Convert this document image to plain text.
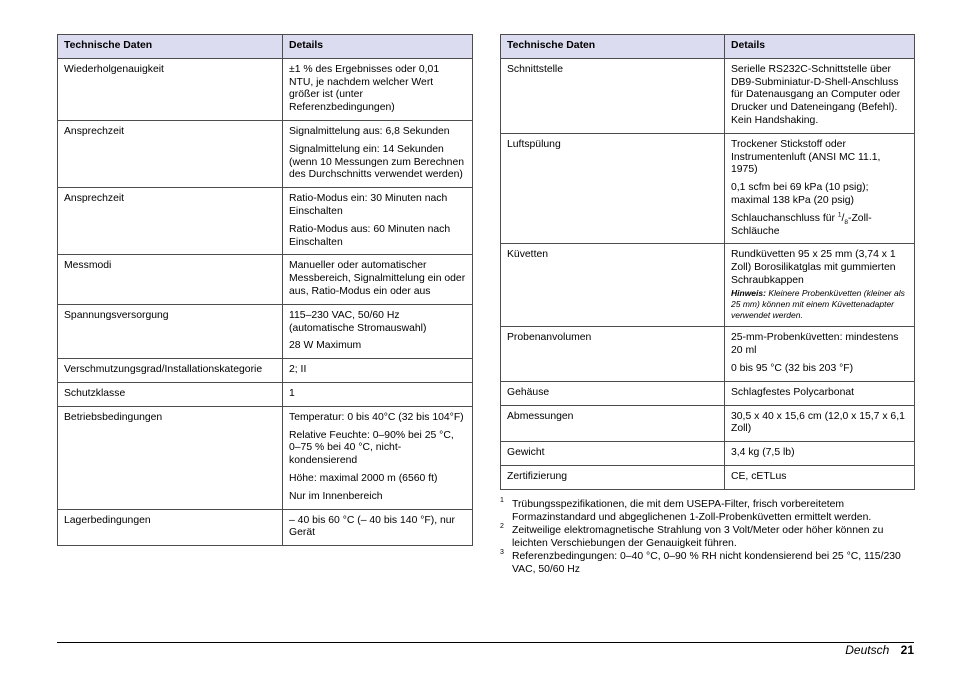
Technische Daten	Details
Wiederholgenauigkeit	±1 % des Ergebnisses oder 0,01 NTU, je nachdem welcher Wert größer ist (unter Referenzbedingungen)

Ansprechzeit	Signalmittelung aus: 6,8 Sekunden
Signalmittelung ein: 14 Sekunden (wenn 10 Messungen zum Berechnen des Durchschnitts verwendet werden)

Ansprechzeit	Ratio-Modus ein: 30 Minuten nach Einschalten
Ratio-Modus aus: 60 Minuten nach Einschalten

Messmodi	Manueller oder automatischer Messbereich, Signalmittelung ein oder aus, Ratio-Modus ein oder aus

Spannungsversorgung	115–230 VAC, 50/60 Hz (automatische Stromauswahl)
28 W Maximum

Verschmutzungsgrad/Installationskategorie	2; II

Schutzklasse	1

Betriebsbedingungen	Temperatur: 0 bis 40°C (32 bis 104°F)
Relative Feuchte: 0–90% bei 25 °C, 0–75 % bei 40 °C, nicht-kondensierend
Höhe: maximal 2000 m (6560 ft)
Nur im Innenbereich

Lagerbedingungen	– 40 bis 60 °C (– 40 bis 140 °F), nur Gerät
Technische Daten	Details
Schnittstelle	Serielle RS232C-Schnittstelle über DB9-Subminiatur-D-Shell-Anschluss für Datenausgang an Computer oder Drucker und Dateneingang (Befehl). Kein Handshaking.

Luftspülung	Trockener Stickstoff oder Instrumentenluft (ANSI MC 11.1, 1975)
0,1 scfm bei 69 kPa (10 psig); maximal 138 kPa (20 psig)
Schlauchanschluss für $^1/_8-Zoll$-Schläuche

Küvetten	Rundküvetten 95 x 25 mm (3,74 x 1 Zoll) Borosilikatglas mit gummierten Schraubkappen
Hinweis: Kleinere Probenküvetten (kleiner als 25 mm) können mit einem Küvettenadapter verwendet werden.

Probenanvolumen	25-mm-Probenküvetten: mindestens 20 ml
0 bis 95 °C (32 bis 203 °F)

Gehäuse	Schlagfestes Polycarbonat

Abmessungen	30,5 x 40 x 15,6 cm (12,0 x 15,7 x 6,1 Zoll)

Gewicht	3,4 kg (7,5 lb)

Zertifizierung	CE, cETLus
1 Trübungsspezifikationen, die mit dem USEPA-Filter, frisch vorbereitetem Formazinstandard und abgeglichenen 1-Zoll-Probenküvetten ermittelt werden.
2 Zeitweilige elektromagnetische Strahlung von 3 Volt/Meter oder höher können zu leichten Verschiebungen der Genauigkeit führen.
3 Referenzbedingungen: 0–40 °C, 0–90 % RH nicht kondensierend bei 25 °C, 115/230 VAC, 50/60 Hz
Deutsch 21
